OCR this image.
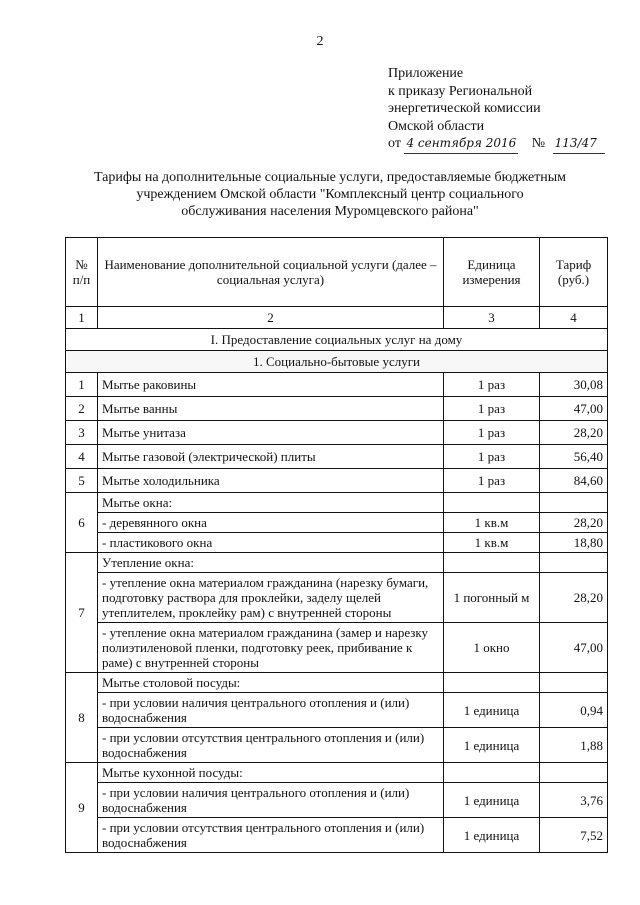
2
Приложение
к приказу Региональной
энергетической комиссии
Омской области
от 4 сентября 2016 № 113/47
Тарифы на дополнительные социальные услуги, предоставляемые бюджетным
учреждением Омской области "Комплексный центр социального
обслуживания населения Муромцевского района"
№ п/п	Наименование дополнительной социальной услуги (далее – социальная услуга)	Единица измерения	Тариф (руб.)
1	2	3	4
I. Предоставление социальных услуг на дому			
1. Социально-бытовые услуги			
1	Мытье раковины	1 раз	30,08
2	Мытье ванны	1 раз	47,00
3	Мытье унитаза	1 раз	28,20
4	Мытье газовой (электрической) плиты	1 раз	56,40
5	Мытье холодильника	1 раз	84,60
6	Мытье окна:		
	- деревянного окна	1 кв.м	28,20
	- пластикового окна	1 кв.м	18,80
7	Утепление окна:		
	- утепление окна материалом гражданина (нарезку бумаги, подготовку раствора для проклейки, заделу щелей утеплителем, проклейку рам) с внутренней стороны	1 погонный м	28,20
	- утепление окна материалом гражданина (замер и нарезку полиэтиленовой пленки, подготовку реек, прибивание к раме) с внутренней стороны	1 окно	47,00
8	Мытье столовой посуды:		
	- при условии наличия центрального отопления и (или) водоснабжения	1 единица	0,94
	- при условии отсутствия центрального отопления и (или) водоснабжения	1 единица	1,88
9	Мытье кухонной посуды:		
	- при условии наличия центрального отопления и (или) водоснабжения	1 единица	3,76
	- при условии отсутствия центрального отопления и (или) водоснабжения	1 единица	7,52
